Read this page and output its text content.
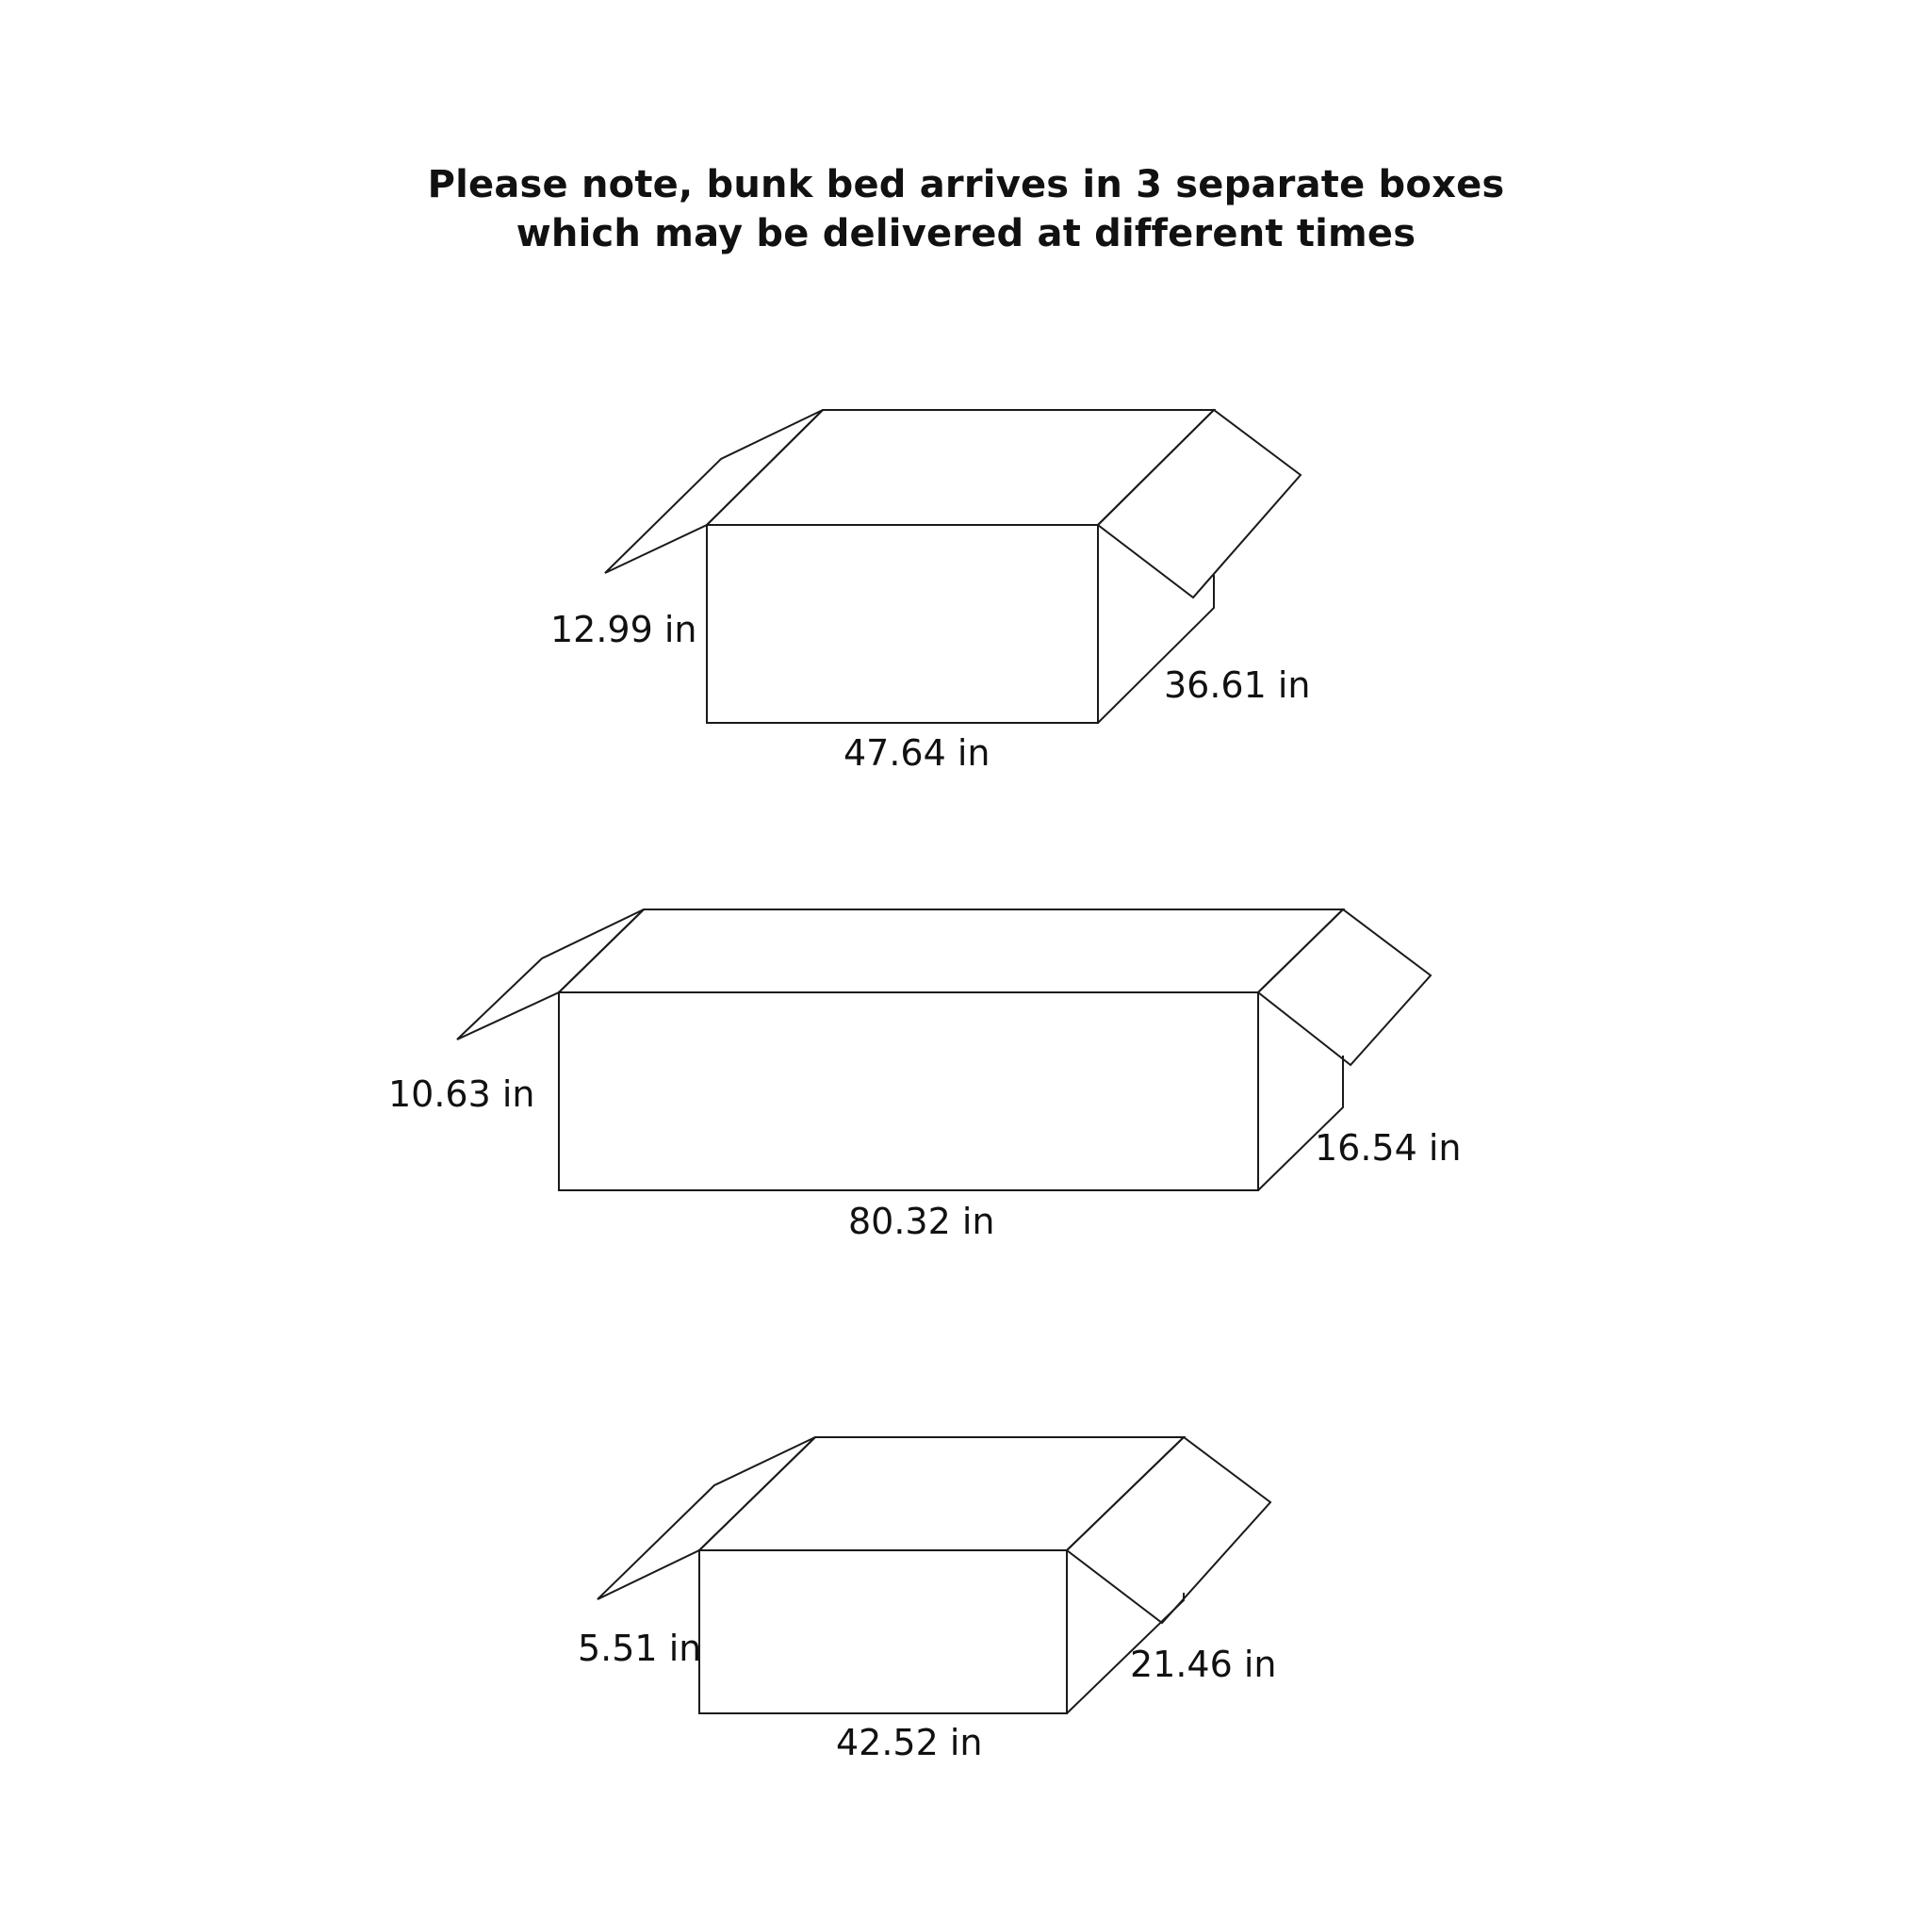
Please note, bunk bed arrives in 3 separate boxes
which may be delivered at different times
12.99 in
47.64 in
36.61 in
10.63 in
80.32 in
16.54 in
5.51 in
42.52 in
21.46 in
